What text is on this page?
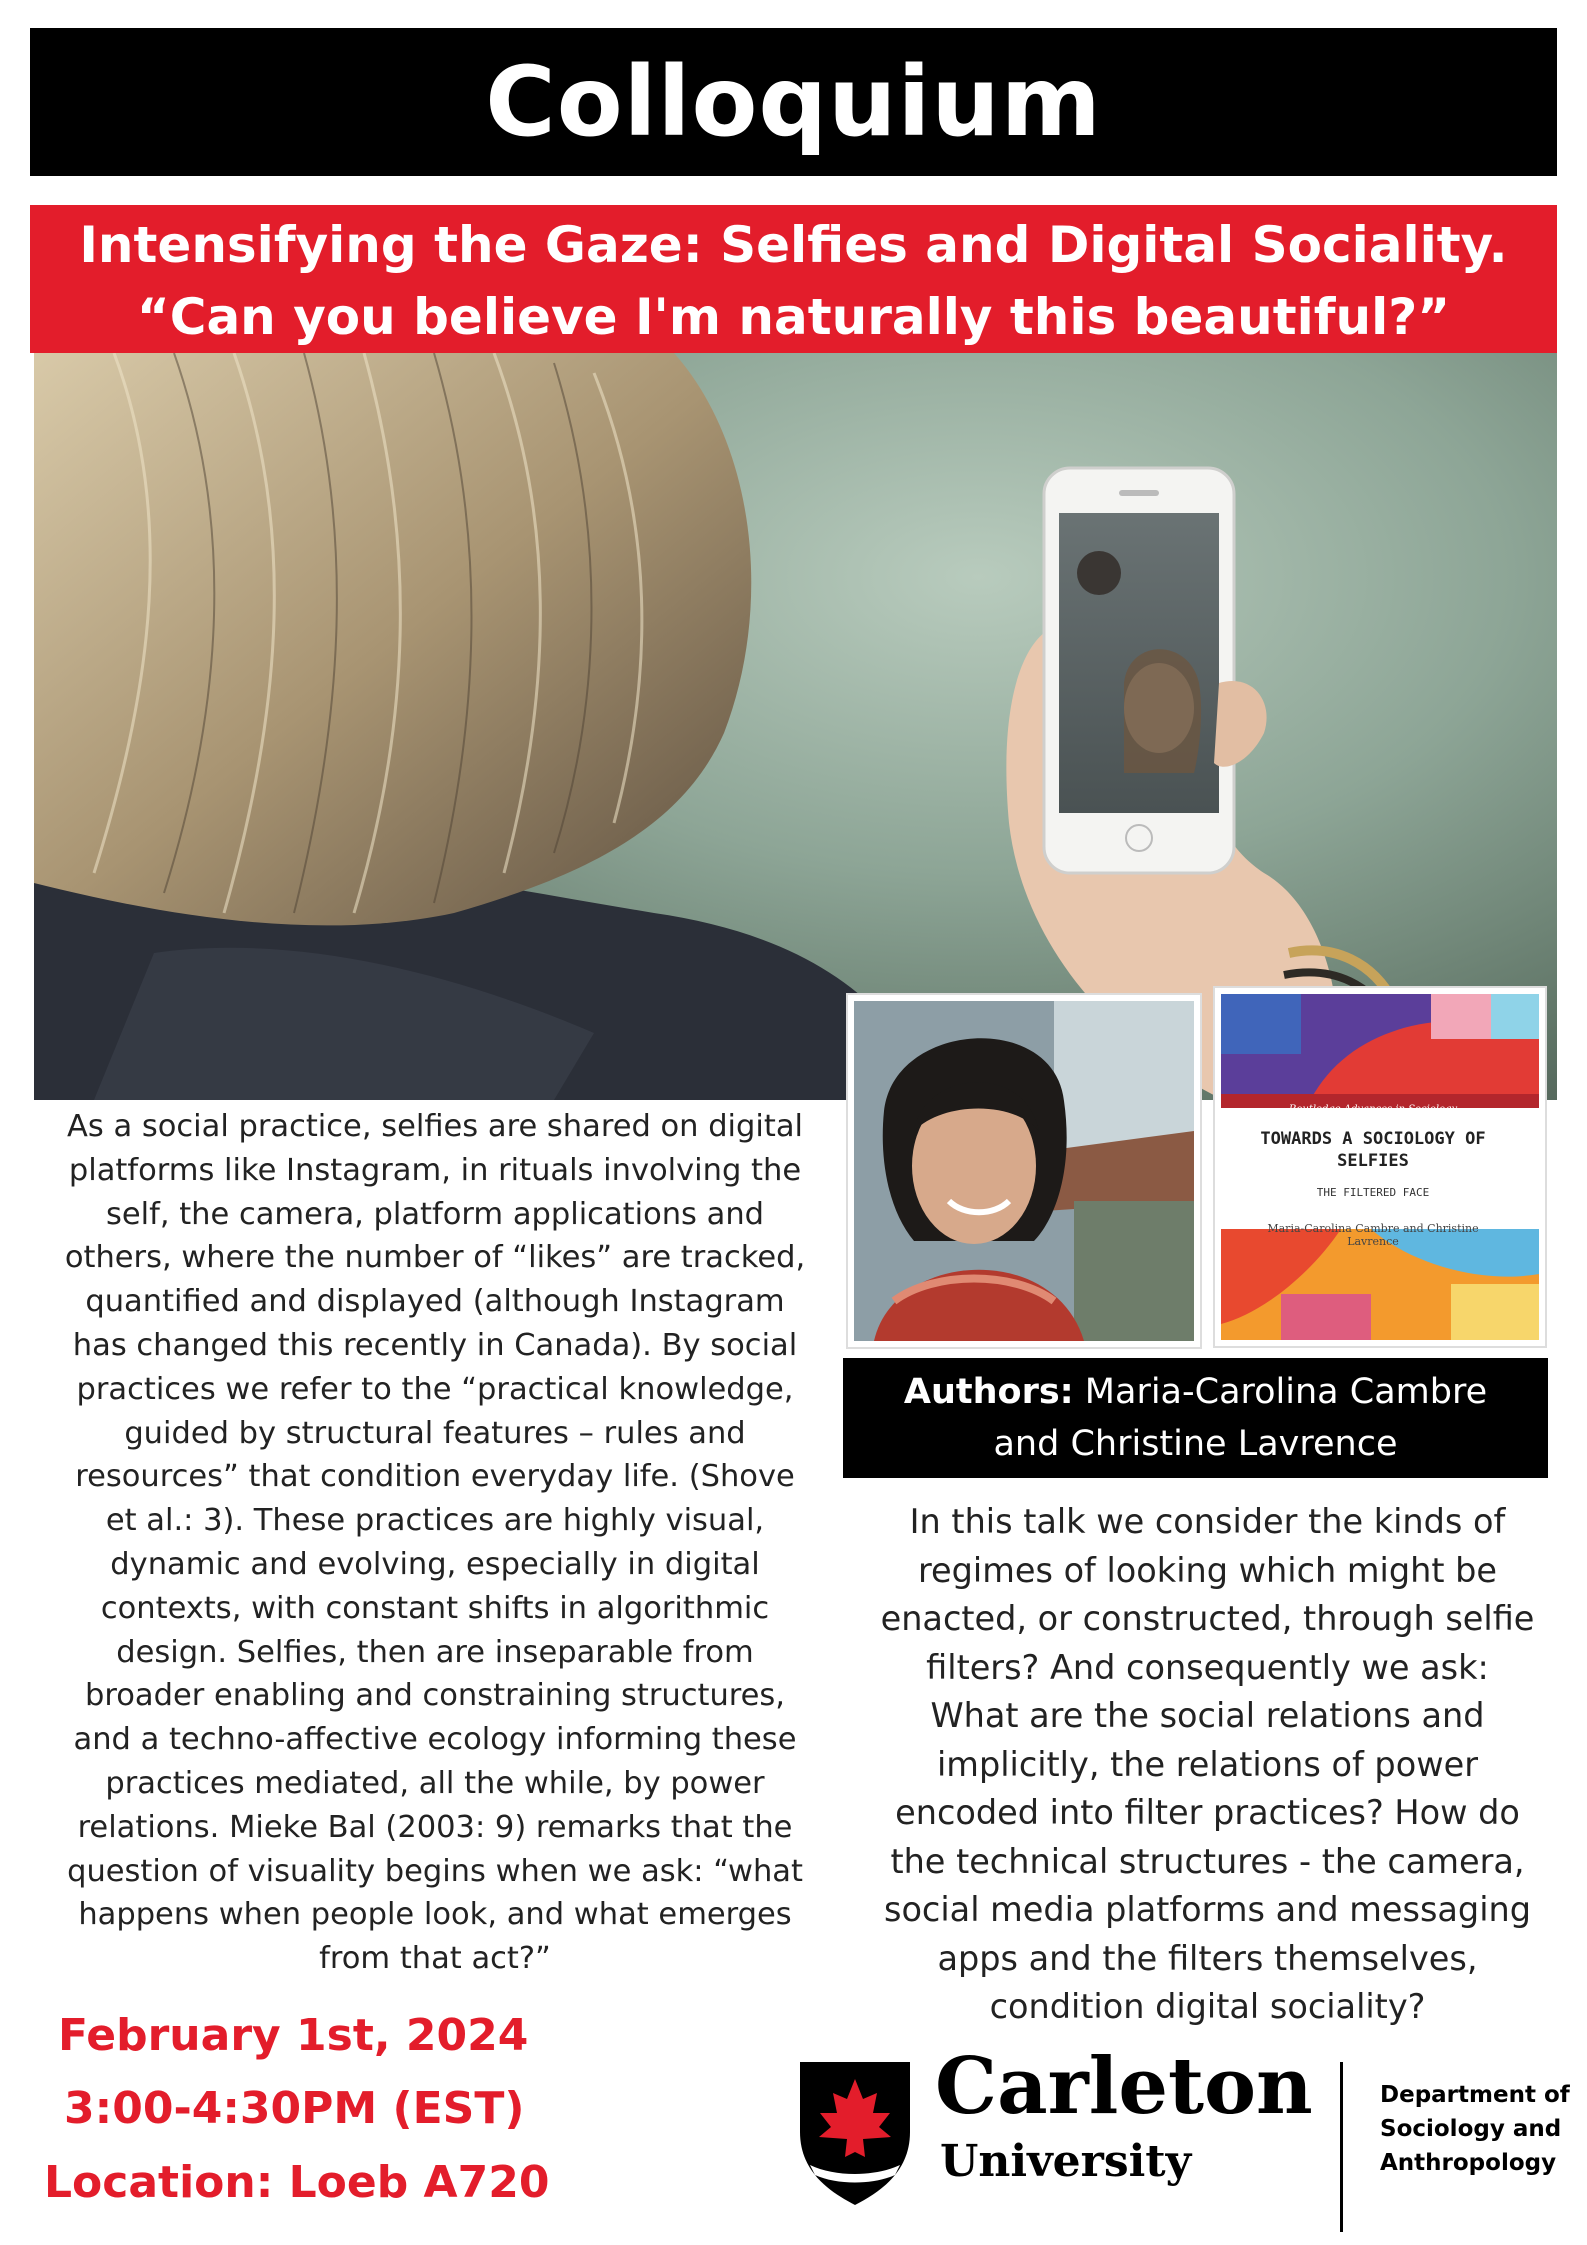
Colloquium
Intensifying the Gaze: Selfies and Digital Sociality.
“Can you believe I'm naturally this beautiful?”
Routledge Advances in Sociology
TOWARDS A SOCIOLOGY OF SELFIES
THE FILTERED FACE
Maria-Carolina Cambre and Christine Lavrence
Authors: Maria-Carolina Cambre
and Christine Lavrence
As a social practice, selfies are shared on digital
platforms like Instagram, in rituals involving the
self, the camera, platform applications and
others, where the number of “likes” are tracked,
quantified and displayed (although Instagram
has changed this recently in Canada). By social
practices we refer to the “practical knowledge,
guided by structural features – rules and
resources” that condition everyday life. (Shove
et al.: 3). These practices are highly visual,
dynamic and evolving, especially in digital
contexts, with constant shifts in algorithmic
design. Selfies, then are inseparable from
broader enabling and constraining structures,
and a techno-affective ecology informing these
practices mediated, all the while, by power
relations. Mieke Bal (2003: 9) remarks that the
question of visuality begins when we ask: “what
happens when people look, and what emerges
from that act?”
In this talk we consider the kinds of
regimes of looking which might be
enacted, or constructed, through selfie
filters? And consequently we ask:
What are the social relations and
implicitly, the relations of power
encoded into filter practices? How do
the technical structures - the camera,
social media platforms and messaging
apps and the filters themselves,
condition digital sociality?
February 1st, 2024
3:00-4:30PM (EST)
Location: Loeb A720
Carleton
University
Department of
Sociology and
Anthropology
